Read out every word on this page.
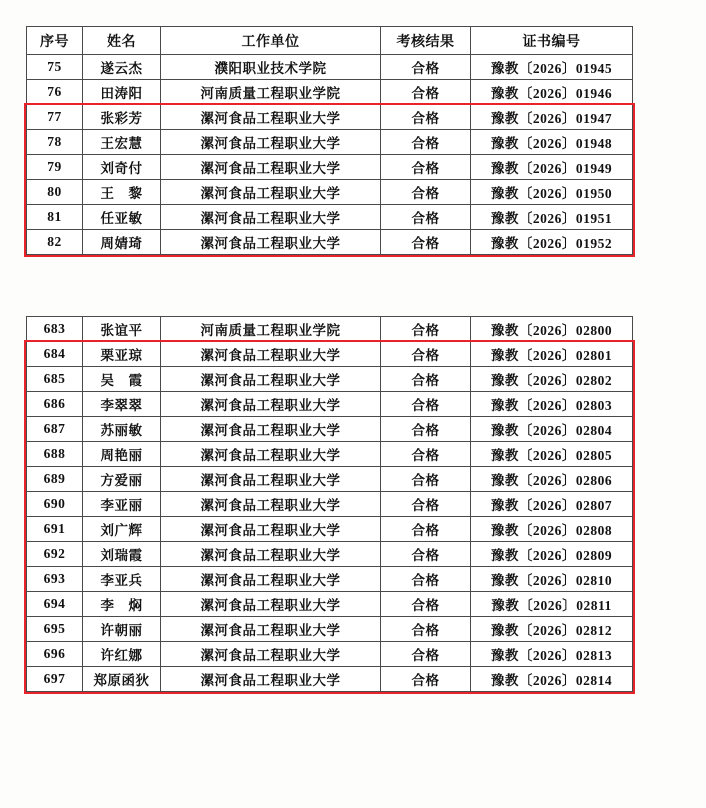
序号	姓名	工作单位	考核结果	证书编号
75	遂云杰	濮阳职业技术学院	合格	豫教〔2026〕01945
76	田涛阳	河南质量工程职业学院	合格	豫教〔2026〕01946
77	张彩芳	漯河食品工程职业大学	合格	豫教〔2026〕01947
78	王宏慧	漯河食品工程职业大学	合格	豫教〔2026〕01948
79	刘奇付	漯河食品工程职业大学	合格	豫教〔2026〕01949
80	王　黎	漯河食品工程职业大学	合格	豫教〔2026〕01950
81	任亚敏	漯河食品工程职业大学	合格	豫教〔2026〕01951
82	周婧琦	漯河食品工程职业大学	合格	豫教〔2026〕01952
683	张谊平	河南质量工程职业学院	合格	豫教〔2026〕02800
684	栗亚琼	漯河食品工程职业大学	合格	豫教〔2026〕02801
685	吴　霞	漯河食品工程职业大学	合格	豫教〔2026〕02802
686	李翠翠	漯河食品工程职业大学	合格	豫教〔2026〕02803
687	苏丽敏	漯河食品工程职业大学	合格	豫教〔2026〕02804
688	周艳丽	漯河食品工程职业大学	合格	豫教〔2026〕02805
689	方爱丽	漯河食品工程职业大学	合格	豫教〔2026〕02806
690	李亚丽	漯河食品工程职业大学	合格	豫教〔2026〕02807
691	刘广辉	漯河食品工程职业大学	合格	豫教〔2026〕02808
692	刘瑞霞	漯河食品工程职业大学	合格	豫教〔2026〕02809
693	李亚兵	漯河食品工程职业大学	合格	豫教〔2026〕02810
694	李　焖	漯河食品工程职业大学	合格	豫教〔2026〕02811
695	许朝丽	漯河食品工程职业大学	合格	豫教〔2026〕02812
696	许红娜	漯河食品工程职业大学	合格	豫教〔2026〕02813
697	郑原函狄	漯河食品工程职业大学	合格	豫教〔2026〕02814
